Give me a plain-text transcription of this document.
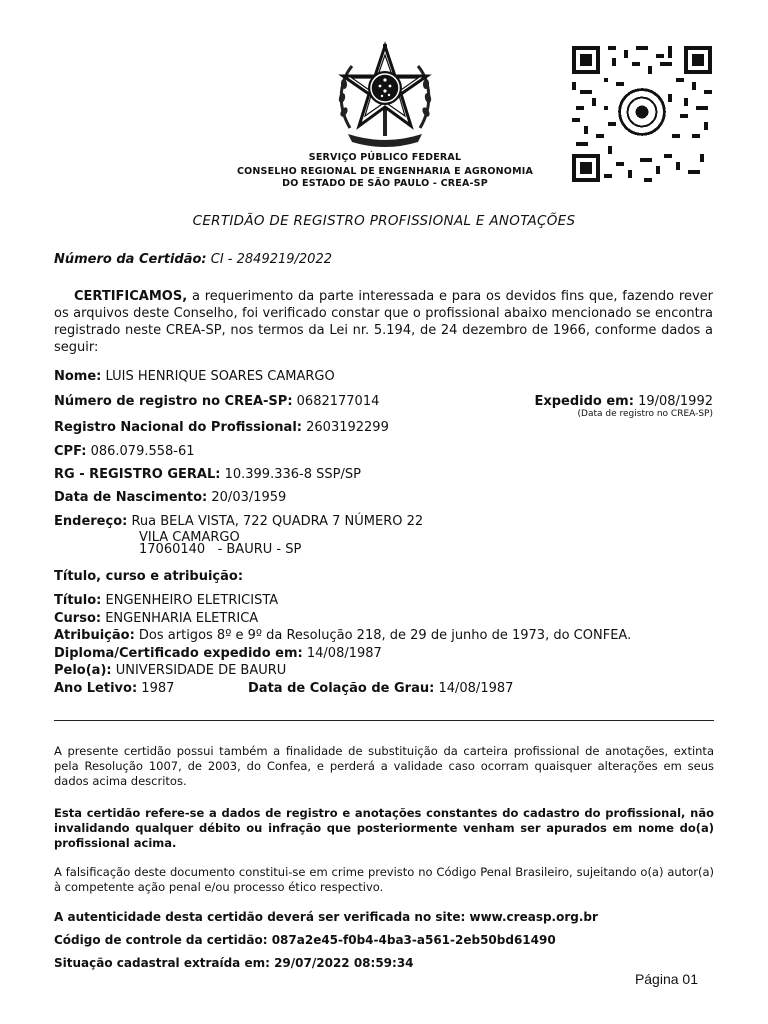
SERVIÇO PÚBLICO FEDERAL
CONSELHO REGIONAL DE ENGENHARIA E AGRONOMIA
DO ESTADO DE SÃO PAULO - CREA-SP
CERTIDÃO DE REGISTRO PROFISSIONAL E ANOTAÇÕES
Número da Certidão: CI - 2849219/2022

CERTIFICAMOS, a requerimento da parte interessada e para os devidos fins que, fazendo rever os arquivos deste Conselho, foi verificado constar que o profissional abaixo mencionado se encontra registrado neste CREA-SP, nos termos da Lei nr. 5.194, de 24 dezembro de 1966, conforme dados a seguir:

Nome: LUIS HENRIQUE SOARES CAMARGO
Número de registro no CREA-SP: 0682177014	Expedido em: 19/08/1992
(Data de registro no CREA-SP)
Registro Nacional do Profissional: 2603192299
CPF: 086.079.558-61
RG - REGISTRO GERAL: 10.399.336-8 SSP/SP
Data de Nascimento: 20/03/1959
Endereço: Rua BELA VISTA, 722 QUADRA 7 NÚMERO 22
VILA CAMARGO
17060140   - BAURU - SP
Título, curso e atribuição:
Título: ENGENHEIRO ELETRICISTA
Curso: ENGENHARIA ELETRICA
Atribuição: Dos artigos 8º e 9º da Resolução 218, de 29 de junho de 1973, do CONFEA.
Diploma/Certificado expedido em: 14/08/1987
Pelo(a): UNIVERSIDADE DE BAURU
Ano Letivo: 1987	Data de Colação de Grau: 14/08/1987

A presente certidão possui também a finalidade de substituição da carteira profissional de anotações, extinta pela Resolução 1007, de 2003, do Confea, e perderá a validade caso ocorram quaisquer alterações em seus dados acima descritos.

Esta certidão refere-se a dados de registro e anotações constantes do cadastro do profissional, não invalidando qualquer débito ou infração que posteriormente venham ser apurados em nome do(a) profissional acima.

A falsificação deste documento constitui-se em crime previsto no Código Penal Brasileiro, sujeitando o(a) autor(a) à competente ação penal e/ou processo ético respectivo.

A autenticidade desta certidão deverá ser verificada no site: www.creasp.org.br
Código de controle da certidão: 087a2e45-f0b4-4ba3-a561-2eb50bd61490
Situação cadastral extraída em: 29/07/2022 08:59:34
Página 01
